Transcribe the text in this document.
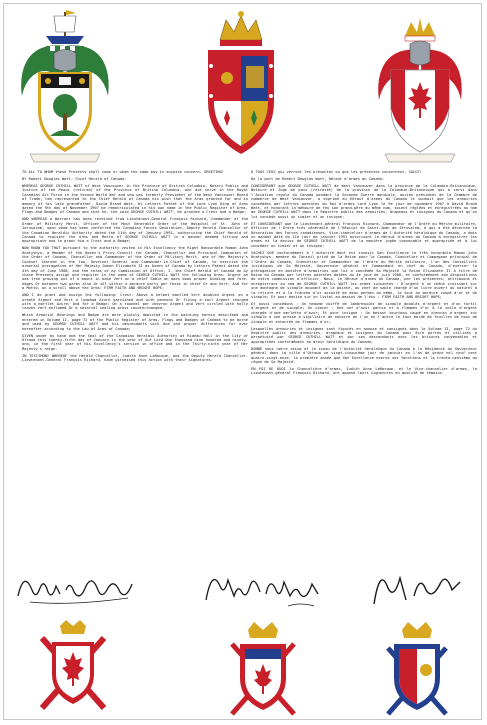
TO ALL TO WHOM these Presents shall come or whom the same may in anywise concern, GREETING!

BY Robert Douglas Watt, Chief Herald of Canada:

WHEREAS GEORGE CUTHILL WATT of West Vancouver in the Province of British Columbia, Notary Public and Justice of the Peace (retired) of the Province of British Columbia, who did serve in the Royal Canadian Air Force in the Second World War and who was formerly President of the West Vancouver Board of Trade, has represented to the Chief Herald of Canada his wish that the Arms granted for and in memory of his late grandfather, David Brand Watt, by Letters Patent of the Lord Lyon King of Arms dated the 9th day of November 1907 be rematriculated in his own name in the Public Register of Arms, Flags and Badges of Canada and that he, the said GEORGE CUTHILL WATT, be granted a Crest and a Badge;

AND WHEREAS a Warrant has been received from Lieutenant-General François Richard, Commander of the Order of Military Merit, Officer of the Most Venerable Order of the Hospital of St. John of Jerusalem, upon whom has been conferred the Canadian Forces Decoration, Deputy Herald Chancellor of the Canadian Heraldic Authority dated the 11th day of January 1991, authorizing the Chief Herald of Canada to register the Arms and Motto of GEORGE CUTHILL WATT in a manner deemed fitting and appropriate and to grant him a Crest and a Badge;

NOW KNOW YOU THAT pursuant to the authority vested in His Excellency the Right Honourable Ramon John Hnatyshyn, a Member of the Queen's Privy Council for Canada, Chancellor and Principal Companion of the Order of Canada, Chancellor and Commander of the Order of Military Merit, one of Her Majesty's Counsel learned in the law, Governor General and Commander-in-Chief of Canada, to exercise the armorial prerogative of Her Majesty Queen Elizabeth II as Queen of Canada by Letters Patent dated the 4th day of June 1988, and the terms of my Commission of Office, I, the Chief Herald of Canada do by these Presents assign and register in the name of GEORGE CUTHILL WATT the following Arms: Argent an oak tree growing out of a mount in base Vert on a chief Sable an open book proper binding and fore-edges Or between two garbs also Or all within a bordure party per fesse in chief Or and Vert; And for a Motto, on a scroll above the Arms: FIRM FAITH AND BRIGHT HOPE;

AND I do grant and assign the following: Crest: Above a helmet mantled Vert doubled Argent on a wreath Argent and Vert a lymphad Azure garnished and with pennons Or flying a sail Argent charged with a mortlet Azure; And for a Badge: On a roundel per chevron Argent and Vert circled with holly leaves Vert enflamed Or a notarial sealing press counterchanged;

Which Armorial Bearings and Badge are more plainly depicted in the painting herein described and entered in Volume II, page 72 of the Public Register of Arms, Flags and Badges of Canada to be borne and used by GEORGE CUTHILL WATT and his descendants with due and proper differences for ever hereafter according to the Law of Arms of Canada;

GIVEN under my hand and the Seal of the Canadian Heraldic Authority at Rideau Hall in the City of Ottawa this twenty-fifth day of January in the year of Our Lord One thousand nine hundred and ninety-one, in the first year of His Excellency's service in office and in the Thirty-ninth year of Her Majesty's reign.

IN TESTIMONY WHEREOF the Herald Chancellor, Judith Anne LaRocque, and the Deputy Herald Chancellor, Lieutenant-General François Richard, have witnessed this action with their signatures.

À TOUS CEUX qui verront les présentes ou que les présentes concernent, SALUT!

De la part de Robert Douglas Watt, Héraut d'armes du Canada:

CONSIDÉRANT que GEORGE CUTHILL WATT de West Vancouver dans la province de la Colombie-Britannique, Notaire et Juge de paix (retraité) de la province de la Colombie-Britannique qui a servi dans l'Aviation royale du Canada pendant la Seconde Guerre mondiale, ancien président de la Chambre de commerce de West Vancouver, a exprimé au Héraut d'armes du Canada le souhait que les armoiries concédées par lettres patentes du Roi d'armes Lord Lyon le 9e jour de novembre 1907 à David Brand Watt, et honorant la mémoire de feu son grand-père du même nom, soient réglées et enregistrées au nom de GEORGE CUTHILL WATT dans le Registre public des armoiries, drapeaux et insignes du Canada et qu'on lui concède aussi un cimier et un insigne;

ET CONSIDÉRANT que le Lieutenant-général François Richard, Commandeur de l'Ordre du Mérite militaire, Officier de l'Ordre très vénérable de l'Hôpital de Saint-Jean de Jérusalem, à qui a été décernée la Décoration des Forces canadiennes, Vice-chancelier d'armes de l'Autorité héraldique du Canada, a émis un mandat daté du 11e jour de janvier 1991 autorisant le Héraut d'armes du Canada à enregistrer les armes et la devise de GEORGE CUTHILL WATT de la manière jugée convenable et appropriée et à lui concéder un cimier et un insigne;

SACHEZ QUE conformément à l'autorité dont est investi Son Excellence le très honorable Ramon John Hnatyshyn, membre du Conseil privé de la Reine pour le Canada, Chancelier et Compagnon principal de l'Ordre du Canada, Chancelier et Commandeur de l'Ordre du Mérite militaire, l'un des Conseillers juridiques de Sa Majesté, Gouverneur général et Commandant en chef du Canada, d'exercer la prérogative en matière d'armoiries que lui a concédée Sa Majesté la Reine Elizabeth II à titre de Reine du Canada par lettres patentes datées du 4e jour de juin 1988, et conformément aux dispositions de notre commission d'officier, Nous, le Héraut d'armes du Canada, par les présentes, attribuons et enregistrons au nom de GEORGE CUTHILL WATT les armes suivantes : D'argent à un chêne croissant sur une montagne de sinople mouvant de la pointe, au chef de sable chargé d'un livre ouvert au naturel à la reliure et à la tranche d'or accosté de deux gerbes du même, le tout au bordure coupé d'or et de sinople; Et pour devise sur un listel au-dessus de l'écu : FIRM FAITH AND BRIGHT HOPE;

Et aussi concédons : Un heaume coiffé de lambrequins de sinople doublés d'argent et d'un tortil d'argent et de sinople; Un cimier : Une nef d'azur garnie et à flammes d'or à la voile d'argent chargée d'une merlette d'azur; Et pour insigne : Un besant tourteau coupé en chevron d'argent sur sinople à une presse à sigillaire de notaire de l'un en l'autre le tout bordé de feuilles de houx de sinople et entourée de flammes d'or;

Lesquelles armoiries et insignes sont figurés en annexe et consignés dans le Volume II, page 72 du Registre public des armoiries, drapeaux et insignes du Canada pour être portés et utilisés à perpétuité par GEORGE CUTHILL WATT et par ses descendants avec les brisures convenables et appropriées conformément au droit héraldique du Canada;

DONNÉ sous notre seing et le sceau de l'Autorité héraldique du Canada à la Résidence du Gouverneur général dans la ville d'Ottawa ce vingt-cinquième jour de janvier en l'an de grâce mil neuf cent quatre-vingt-onze, la première année que Son Excellence exerce ses fonctions et la trente-neuvième du règne de Sa Majesté.

EN FOI DE QUOI la Chancelière d'armes, Judith Anne LaRocque, et le Vice-chancelier d'armes, le Lieutenant-général François Richard, ont apposé leurs signatures en qualité de témoins.
